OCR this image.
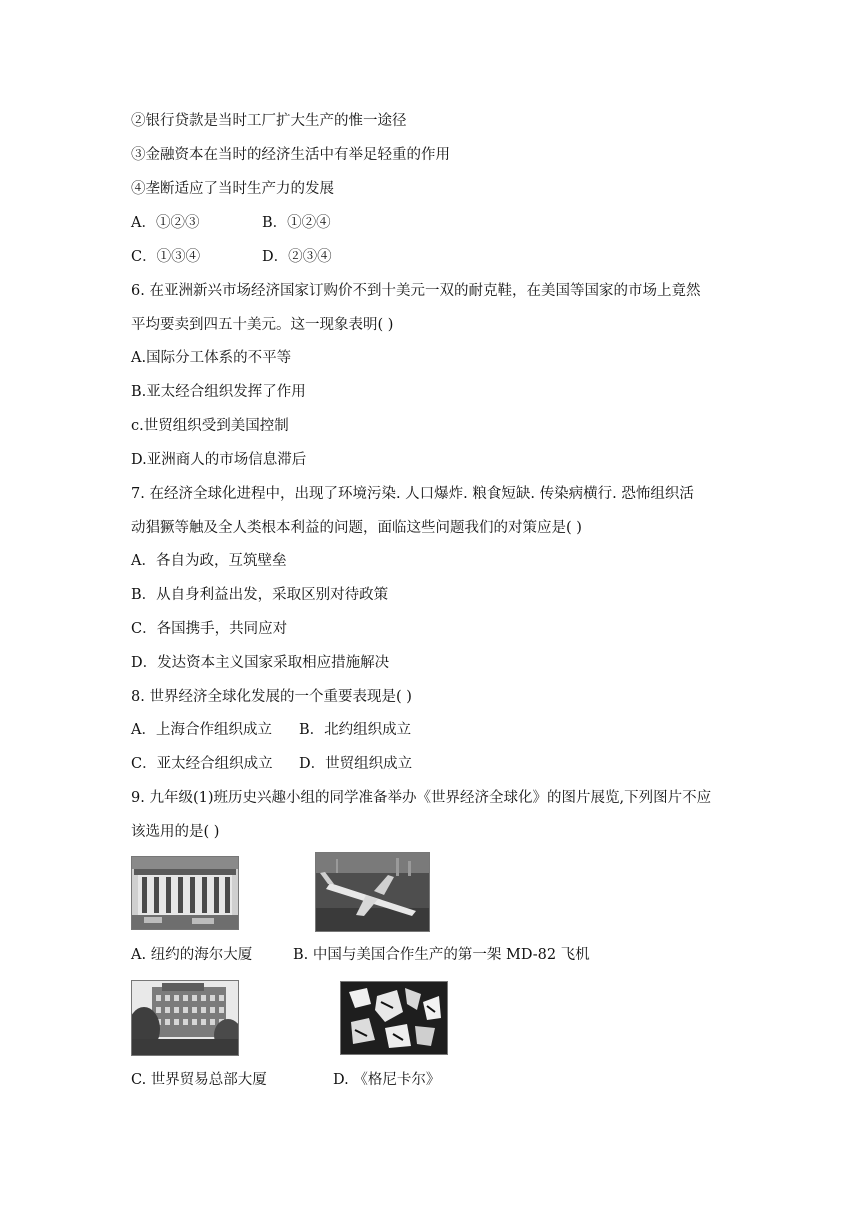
②银行贷款是当时工厂扩大生产的惟一途径
③金融资本在当时的经济生活中有举足轻重的作用
④垄断适应了当时生产力的发展
A．①②③	B．①②④
C．①③④	D．②③④
6. 在亚洲新兴市场经济国家订购价不到十美元一双的耐克鞋，在美国等国家的市场上竟然
平均要卖到四五十美元。这一现象表明( )
A.国际分工体系的不平等
B.亚太经合组织发挥了作用
c.世贸组织受到美国控制
D.亚洲商人的市场信息滞后
7. 在经济全球化进程中，出现了环境污染. 人口爆炸. 粮食短缺. 传染病横行. 恐怖组织活
动猖獗等触及全人类根本利益的问题，面临这些问题我们的对策应是( )
A．各自为政，互筑壁垒
B．从自身利益出发，采取区别对待政策
C．各国携手，共同应对
D．发达资本主义国家采取相应措施解决
8. 世界经济全球化发展的一个重要表现是( )
A．上海合作组织成立 B．北约组织成立
C．亚太经合组织成立 D．世贸组织成立
9. 九年级(1)班历史兴趣小组的同学准备举办《世界经济全球化》的图片展览,下列图片不应
该选用的是( )
A. 纽约的海尔大厦	B. 中国与美国合作生产的第一架 MD-82 飞机
C. 世界贸易总部大厦	D. 《格尼卡尔》
